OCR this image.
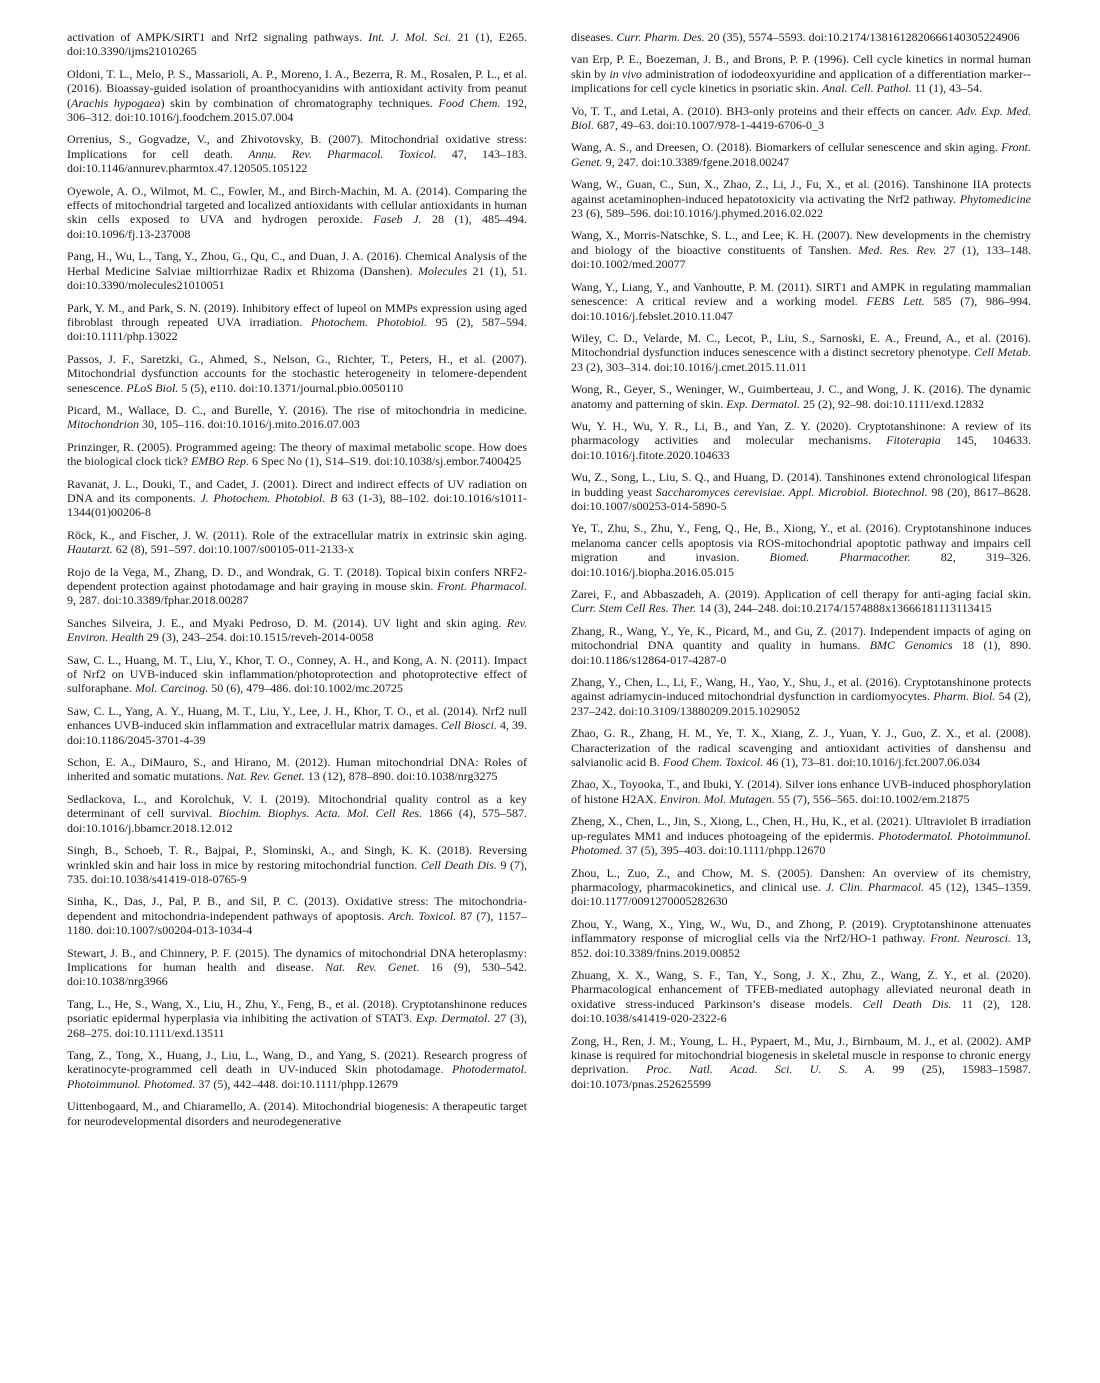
activation of AMPK/SIRT1 and Nrf2 signaling pathways. Int. J. Mol. Sci. 21 (1), E265. doi:10.3390/ijms21010265

Oldoni, T. L., Melo, P. S., Massarioli, A. P., Moreno, I. A., Bezerra, R. M., Rosalen, P. L., et al. (2016). Bioassay-guided isolation of proanthocyanidins with antioxidant activity from peanut (Arachis hypogaea) skin by combination of chromatography techniques. Food Chem. 192, 306–312. doi:10.1016/j.foodchem.2015.07.004

Orrenius, S., Gogvadze, V., and Zhivotovsky, B. (2007). Mitochondrial oxidative stress: Implications for cell death. Annu. Rev. Pharmacol. Toxicol. 47, 143–183. doi:10.1146/annurev.pharmtox.47.120505.105122

Oyewole, A. O., Wilmot, M. C., Fowler, M., and Birch-Machin, M. A. (2014). Comparing the effects of mitochondrial targeted and localized antioxidants with cellular antioxidants in human skin cells exposed to UVA and hydrogen peroxide. Faseb J. 28 (1), 485–494. doi:10.1096/fj.13-237008

Pang, H., Wu, L., Tang, Y., Zhou, G., Qu, C., and Duan, J. A. (2016). Chemical Analysis of the Herbal Medicine Salviae miltiorrhizae Radix et Rhizoma (Danshen). Molecules 21 (1), 51. doi:10.3390/molecules21010051

Park, Y. M., and Park, S. N. (2019). Inhibitory effect of lupeol on MMPs expression using aged fibroblast through repeated UVA irradiation. Photochem. Photobiol. 95 (2), 587–594. doi:10.1111/php.13022

Passos, J. F., Saretzki, G., Ahmed, S., Nelson, G., Richter, T., Peters, H., et al. (2007). Mitochondrial dysfunction accounts for the stochastic heterogeneity in telomere-dependent senescence. PLoS Biol. 5 (5), e110. doi:10.1371/journal.pbio.0050110

Picard, M., Wallace, D. C., and Burelle, Y. (2016). The rise of mitochondria in medicine. Mitochondrion 30, 105–116. doi:10.1016/j.mito.2016.07.003

Prinzinger, R. (2005). Programmed ageing: The theory of maximal metabolic scope. How does the biological clock tick? EMBO Rep. 6 Spec No (1), S14–S19. doi:10.1038/sj.embor.7400425

Ravanat, J. L., Douki, T., and Cadet, J. (2001). Direct and indirect effects of UV radiation on DNA and its components. J. Photochem. Photobiol. B 63 (1-3), 88–102. doi:10.1016/s1011-1344(01)00206-8

Röck, K., and Fischer, J. W. (2011). Role of the extracellular matrix in extrinsic skin aging. Hautarzt. 62 (8), 591–597. doi:10.1007/s00105-011-2133-x

Rojo de la Vega, M., Zhang, D. D., and Wondrak, G. T. (2018). Topical bixin confers NRF2-dependent protection against photodamage and hair graying in mouse skin. Front. Pharmacol. 9, 287. doi:10.3389/fphar.2018.00287

Sanches Silveira, J. E., and Myaki Pedroso, D. M. (2014). UV light and skin aging. Rev. Environ. Health 29 (3), 243–254. doi:10.1515/reveh-2014-0058

Saw, C. L., Huang, M. T., Liu, Y., Khor, T. O., Conney, A. H., and Kong, A. N. (2011). Impact of Nrf2 on UVB-induced skin inflammation/photoprotection and photoprotective effect of sulforaphane. Mol. Carcinog. 50 (6), 479–486. doi:10.1002/mc.20725

Saw, C. L., Yang, A. Y., Huang, M. T., Liu, Y., Lee, J. H., Khor, T. O., et al. (2014). Nrf2 null enhances UVB-induced skin inflammation and extracellular matrix damages. Cell Biosci. 4, 39. doi:10.1186/2045-3701-4-39

Schon, E. A., DiMauro, S., and Hirano, M. (2012). Human mitochondrial DNA: Roles of inherited and somatic mutations. Nat. Rev. Genet. 13 (12), 878–890. doi:10.1038/nrg3275

Sedlackova, L., and Korolchuk, V. I. (2019). Mitochondrial quality control as a key determinant of cell survival. Biochim. Biophys. Acta. Mol. Cell Res. 1866 (4), 575–587. doi:10.1016/j.bbamcr.2018.12.012

Singh, B., Schoeb, T. R., Bajpai, P., Slominski, A., and Singh, K. K. (2018). Reversing wrinkled skin and hair loss in mice by restoring mitochondrial function. Cell Death Dis. 9 (7), 735. doi:10.1038/s41419-018-0765-9

Sinha, K., Das, J., Pal, P. B., and Sil, P. C. (2013). Oxidative stress: The mitochondria-dependent and mitochondria-independent pathways of apoptosis. Arch. Toxicol. 87 (7), 1157–1180. doi:10.1007/s00204-013-1034-4

Stewart, J. B., and Chinnery, P. F. (2015). The dynamics of mitochondrial DNA heteroplasmy: Implications for human health and disease. Nat. Rev. Genet. 16 (9), 530–542. doi:10.1038/nrg3966

Tang, L., He, S., Wang, X., Liu, H., Zhu, Y., Feng, B., et al. (2018). Cryptotanshinone reduces psoriatic epidermal hyperplasia via inhibiting the activation of STAT3. Exp. Dermatol. 27 (3), 268–275. doi:10.1111/exd.13511

Tang, Z., Tong, X., Huang, J., Liu, L., Wang, D., and Yang, S. (2021). Research progress of keratinocyte-programmed cell death in UV-induced Skin photodamage. Photodermatol. Photoimmunol. Photomed. 37 (5), 442–448. doi:10.1111/phpp.12679

Uittenbogaard, M., and Chiaramello, A. (2014). Mitochondrial biogenesis: A therapeutic target for neurodevelopmental disorders and neurodegenerative

diseases. Curr. Pharm. Des. 20 (35), 5574–5593. doi:10.2174/1381612820666140305224906

van Erp, P. E., Boezeman, J. B., and Brons, P. P. (1996). Cell cycle kinetics in normal human skin by in vivo administration of iododeoxyuridine and application of a differentiation marker--implications for cell cycle kinetics in psoriatic skin. Anal. Cell. Pathol. 11 (1), 43–54.

Vo, T. T., and Letai, A. (2010). BH3-only proteins and their effects on cancer. Adv. Exp. Med. Biol. 687, 49–63. doi:10.1007/978-1-4419-6706-0_3

Wang, A. S., and Dreesen, O. (2018). Biomarkers of cellular senescence and skin aging. Front. Genet. 9, 247. doi:10.3389/fgene.2018.00247

Wang, W., Guan, C., Sun, X., Zhao, Z., Li, J., Fu, X., et al. (2016). Tanshinone IIA protects against acetaminophen-induced hepatotoxicity via activating the Nrf2 pathway. Phytomedicine 23 (6), 589–596. doi:10.1016/j.phymed.2016.02.022

Wang, X., Morris-Natschke, S. L., and Lee, K. H. (2007). New developments in the chemistry and biology of the bioactive constituents of Tanshen. Med. Res. Rev. 27 (1), 133–148. doi:10.1002/med.20077

Wang, Y., Liang, Y., and Vanhoutte, P. M. (2011). SIRT1 and AMPK in regulating mammalian senescence: A critical review and a working model. FEBS Lett. 585 (7), 986–994. doi:10.1016/j.febslet.2010.11.047

Wiley, C. D., Velarde, M. C., Lecot, P., Liu, S., Sarnoski, E. A., Freund, A., et al. (2016). Mitochondrial dysfunction induces senescence with a distinct secretory phenotype. Cell Metab. 23 (2), 303–314. doi:10.1016/j.cmet.2015.11.011

Wong, R., Geyer, S., Weninger, W., Guimberteau, J. C., and Wong, J. K. (2016). The dynamic anatomy and patterning of skin. Exp. Dermatol. 25 (2), 92–98. doi:10.1111/exd.12832

Wu, Y. H., Wu, Y. R., Li, B., and Yan, Z. Y. (2020). Cryptotanshinone: A review of its pharmacology activities and molecular mechanisms. Fitoterapia 145, 104633. doi:10.1016/j.fitote.2020.104633

Wu, Z., Song, L., Liu, S. Q., and Huang, D. (2014). Tanshinones extend chronological lifespan in budding yeast Saccharomyces cerevisiae. Appl. Microbiol. Biotechnol. 98 (20), 8617–8628. doi:10.1007/s00253-014-5890-5

Ye, T., Zhu, S., Zhu, Y., Feng, Q., He, B., Xiong, Y., et al. (2016). Cryptotanshinone induces melanoma cancer cells apoptosis via ROS-mitochondrial apoptotic pathway and impairs cell migration and invasion. Biomed. Pharmacother. 82, 319–326. doi:10.1016/j.biopha.2016.05.015

Zarei, F., and Abbaszadeh, A. (2019). Application of cell therapy for anti-aging facial skin. Curr. Stem Cell Res. Ther. 14 (3), 244–248. doi:10.2174/1574888x13666181113113415

Zhang, R., Wang, Y., Ye, K., Picard, M., and Gu, Z. (2017). Independent impacts of aging on mitochondrial DNA quantity and quality in humans. BMC Genomics 18 (1), 890. doi:10.1186/s12864-017-4287-0

Zhang, Y., Chen, L., Li, F., Wang, H., Yao, Y., Shu, J., et al. (2016). Cryptotanshinone protects against adriamycin-induced mitochondrial dysfunction in cardiomyocytes. Pharm. Biol. 54 (2), 237–242. doi:10.3109/13880209.2015.1029052

Zhao, G. R., Zhang, H. M., Ye, T. X., Xiang, Z. J., Yuan, Y. J., Guo, Z. X., et al. (2008). Characterization of the radical scavenging and antioxidant activities of danshensu and salvianolic acid B. Food Chem. Toxicol. 46 (1), 73–81. doi:10.1016/j.fct.2007.06.034

Zhao, X., Toyooka, T., and Ibuki, Y. (2014). Silver ions enhance UVB-induced phosphorylation of histone H2AX. Environ. Mol. Mutagen. 55 (7), 556–565. doi:10.1002/em.21875

Zheng, X., Chen, L., Jin, S., Xiong, L., Chen, H., Hu, K., et al. (2021). Ultraviolet B irradiation up-regulates MM1 and induces photoageing of the epidermis. Photodermatol. Photoimmunol. Photomed. 37 (5), 395–403. doi:10.1111/phpp.12670

Zhou, L., Zuo, Z., and Chow, M. S. (2005). Danshen: An overview of its chemistry, pharmacology, pharmacokinetics, and clinical use. J. Clin. Pharmacol. 45 (12), 1345–1359. doi:10.1177/0091270005282630

Zhou, Y., Wang, X., Ying, W., Wu, D., and Zhong, P. (2019). Cryptotanshinone attenuates inflammatory response of microglial cells via the Nrf2/HO-1 pathway. Front. Neurosci. 13, 852. doi:10.3389/fnins.2019.00852

Zhuang, X. X., Wang, S. F., Tan, Y., Song, J. X., Zhu, Z., Wang, Z. Y., et al. (2020). Pharmacological enhancement of TFEB-mediated autophagy alleviated neuronal death in oxidative stress-induced Parkinson’s disease models. Cell Death Dis. 11 (2), 128. doi:10.1038/s41419-020-2322-6

Zong, H., Ren, J. M., Young, L. H., Pypaert, M., Mu, J., Birnbaum, M. J., et al. (2002). AMP kinase is required for mitochondrial biogenesis in skeletal muscle in response to chronic energy deprivation. Proc. Natl. Acad. Sci. U. S. A. 99 (25), 15983–15987. doi:10.1073/pnas.252625599
